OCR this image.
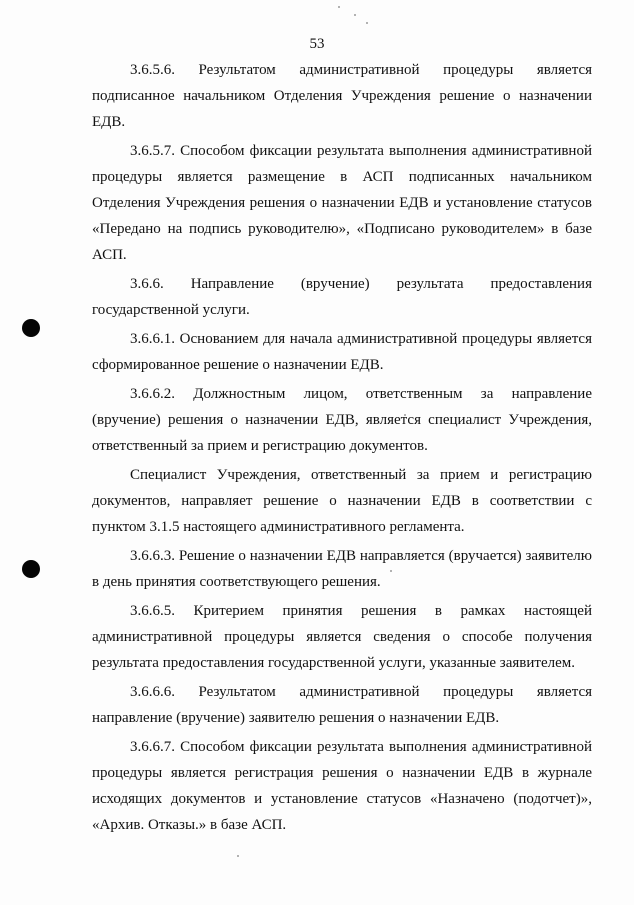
53

3.6.5.6. Результатом административной процедуры является подписанное начальником Отделения Учреждения решение о назначении ЕДВ.

3.6.5.7. Способом фиксации результата выполнения административной процедуры является размещение в АСП подписанных начальником Отделения Учреждения решения о назначении ЕДВ и установление статусов «Передано на подпись руководителю», «Подписано руководителем» в базе АСП.

3.6.6. Направление (вручение) результата предоставления государственной услуги.

3.6.6.1. Основанием для начала административной процедуры является сформированное решение о назначении ЕДВ.

3.6.6.2. Должностным лицом, ответственным за направление (вручение) решения о назначении ЕДВ, является специалист Учреждения, ответственный за прием и регистрацию документов.

Специалист Учреждения, ответственный за прием и регистрацию документов, направляет решение о назначении ЕДВ в соответствии с пунктом 3.1.5 настоящего административного регламента.

3.6.6.3. Решение о назначении ЕДВ направляется (вручается) заявителю в день принятия соответствующего решения.

3.6.6.5. Критерием принятия решения в рамках настоящей административной процедуры является сведения о способе получения результата предоставления государственной услуги, указанные заявителем.

3.6.6.6. Результатом административной процедуры является направление (вручение) заявителю решения о назначении ЕДВ.

3.6.6.7. Способом фиксации результата выполнения административной процедуры является регистрация решения о назначении ЕДВ в журнале исходящих документов и установление статусов «Назначено (подотчет)», «Архив. Отказы.» в базе АСП.
